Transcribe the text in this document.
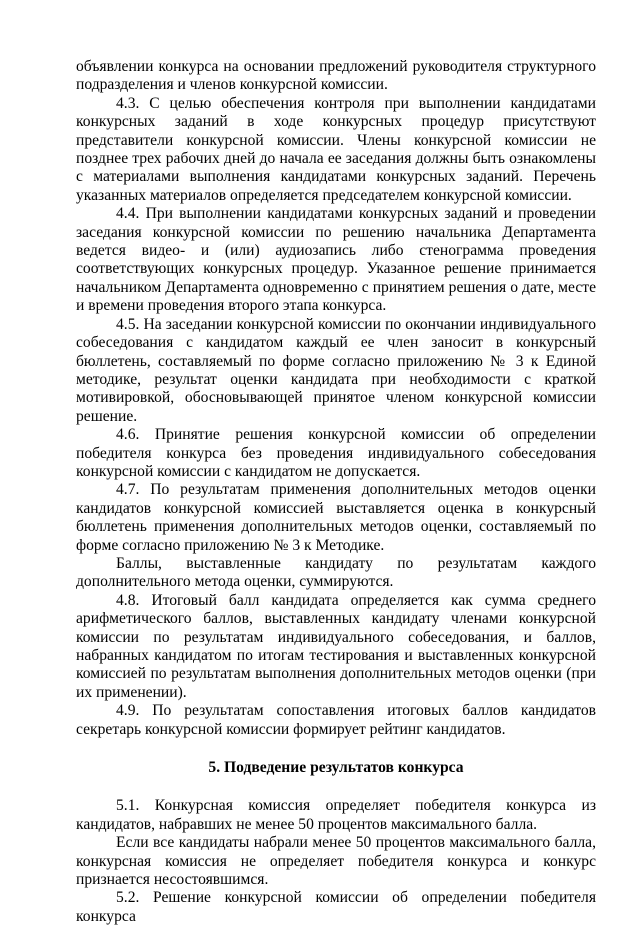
объявлении конкурса на основании предложений руководителя структурного подразделения и членов конкурсной комиссии.

4.3. С целью обеспечения контроля при выполнении кандидатами конкурсных заданий в ходе конкурсных процедур присутствуют представители конкурсной комиссии. Члены конкурсной комиссии не позднее трех рабочих дней до начала ее заседания должны быть ознакомлены с материалами выполнения кандидатами конкурсных заданий. Перечень указанных материалов определяется председателем конкурсной комиссии.

4.4. При выполнении кандидатами конкурсных заданий и проведении заседания конкурсной комиссии по решению начальника Департамента ведется видео- и (или) аудиозапись либо стенограмма проведения соответствующих конкурсных процедур. Указанное решение принимается начальником Департамента одновременно с принятием решения о дате, месте и времени проведения второго этапа конкурса.

4.5. На заседании конкурсной комиссии по окончании индивидуального собеседования с кандидатом каждый ее член заносит в конкурсный бюллетень, составляемый по форме согласно приложению № 3 к Единой методике, результат оценки кандидата при необходимости с краткой мотивировкой, обосновывающей принятое членом конкурсной комиссии решение.

4.6. Принятие решения конкурсной комиссии об определении победителя конкурса без проведения индивидуального собеседования конкурсной комиссии с кандидатом не допускается.

4.7. По результатам применения дополнительных методов оценки кандидатов конкурсной комиссией выставляется оценка в конкурсный бюллетень применения дополнительных методов оценки, составляемый по форме согласно приложению № 3 к Методике.

Баллы, выставленные кандидату по результатам каждого дополнительного метода оценки, суммируются.

4.8. Итоговый балл кандидата определяется как сумма среднего арифметического баллов, выставленных кандидату членами конкурсной комиссии по результатам индивидуального собеседования, и баллов, набранных кандидатом по итогам тестирования и выставленных конкурсной комиссией по результатам выполнения дополнительных методов оценки (при их применении).

4.9. По результатам сопоставления итоговых баллов кандидатов секретарь конкурсной комиссии формирует рейтинг кандидатов.

5. Подведение результатов конкурса

5.1. Конкурсная комиссия определяет победителя конкурса из кандидатов, набравших не менее 50 процентов максимального балла.

Если все кандидаты набрали менее 50 процентов максимального балла, конкурсная комиссия не определяет победителя конкурса и конкурс признается несостоявшимся.

5.2. Решение конкурсной комиссии об определении победителя конкурса
